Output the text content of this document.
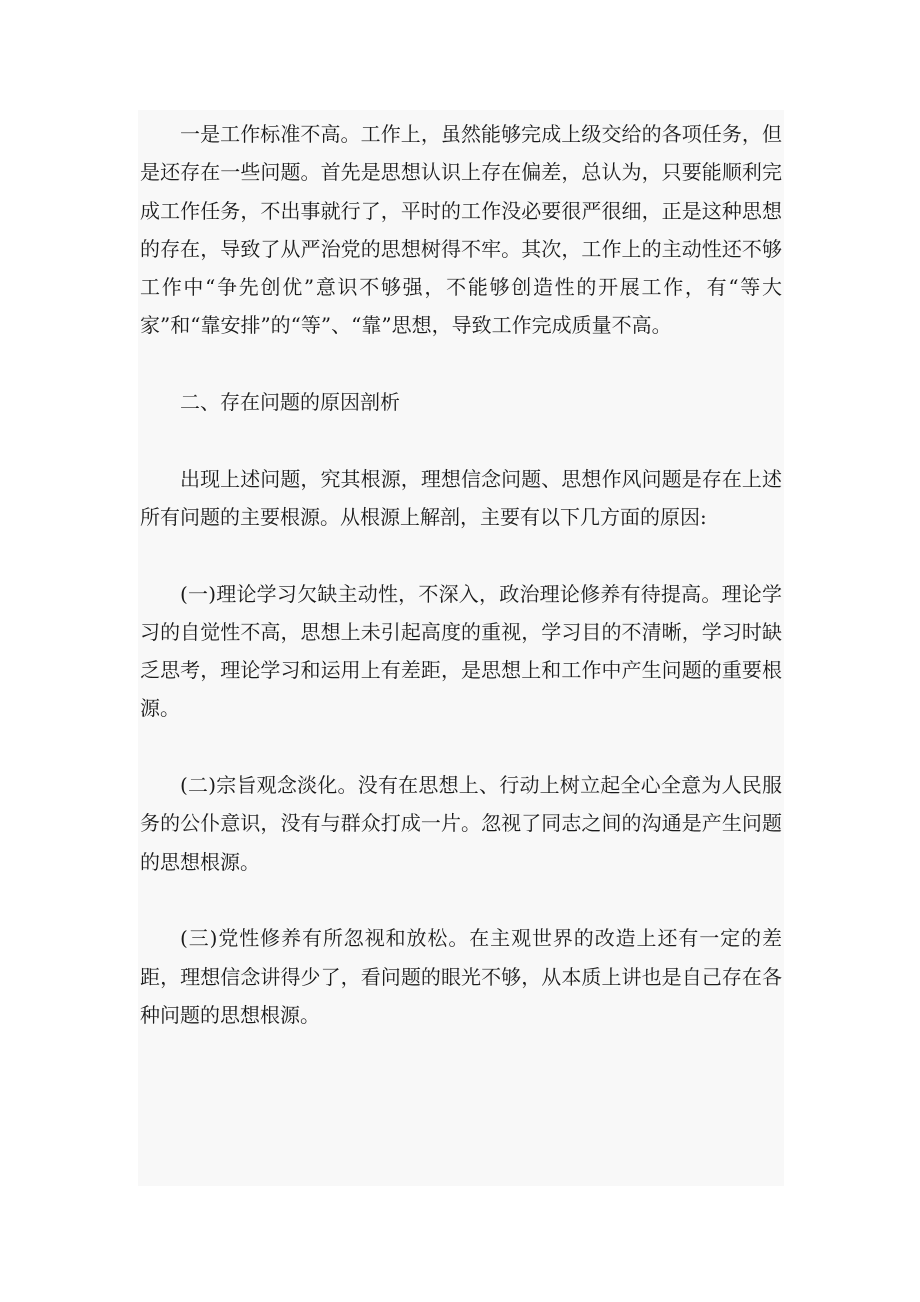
一是工作标准不高。工作上，虽然能够完成上级交给的各项任务，但是还存在一些问题。首先是思想认识上存在偏差，总认为，只要能顺利完成工作任务，不出事就行了，平时的工作没必要很严很细，正是这种思想的存在，导致了从严治党的思想树得不牢。其次，工作上的主动性还不够工作中“争先创优”意识不够强，不能够创造性的开展工作，有“等大家”和“靠安排”的“等”、“靠”思想，导致工作完成质量不高。

二、存在问题的原因剖析

出现上述问题，究其根源，理想信念问题、思想作风问题是存在上述所有问题的主要根源。从根源上解剖，主要有以下几方面的原因:

(一)理论学习欠缺主动性，不深入，政治理论修养有待提高。理论学习的自觉性不高，思想上未引起高度的重视，学习目的不清晰，学习时缺乏思考，理论学习和运用上有差距，是思想上和工作中产生问题的重要根源。

(二)宗旨观念淡化。没有在思想上、行动上树立起全心全意为人民服务的公仆意识，没有与群众打成一片。忽视了同志之间的沟通是产生问题的思想根源。

(三)党性修养有所忽视和放松。在主观世界的改造上还有一定的差距，理想信念讲得少了，看问题的眼光不够，从本质上讲也是自己存在各种问题的思想根源。
